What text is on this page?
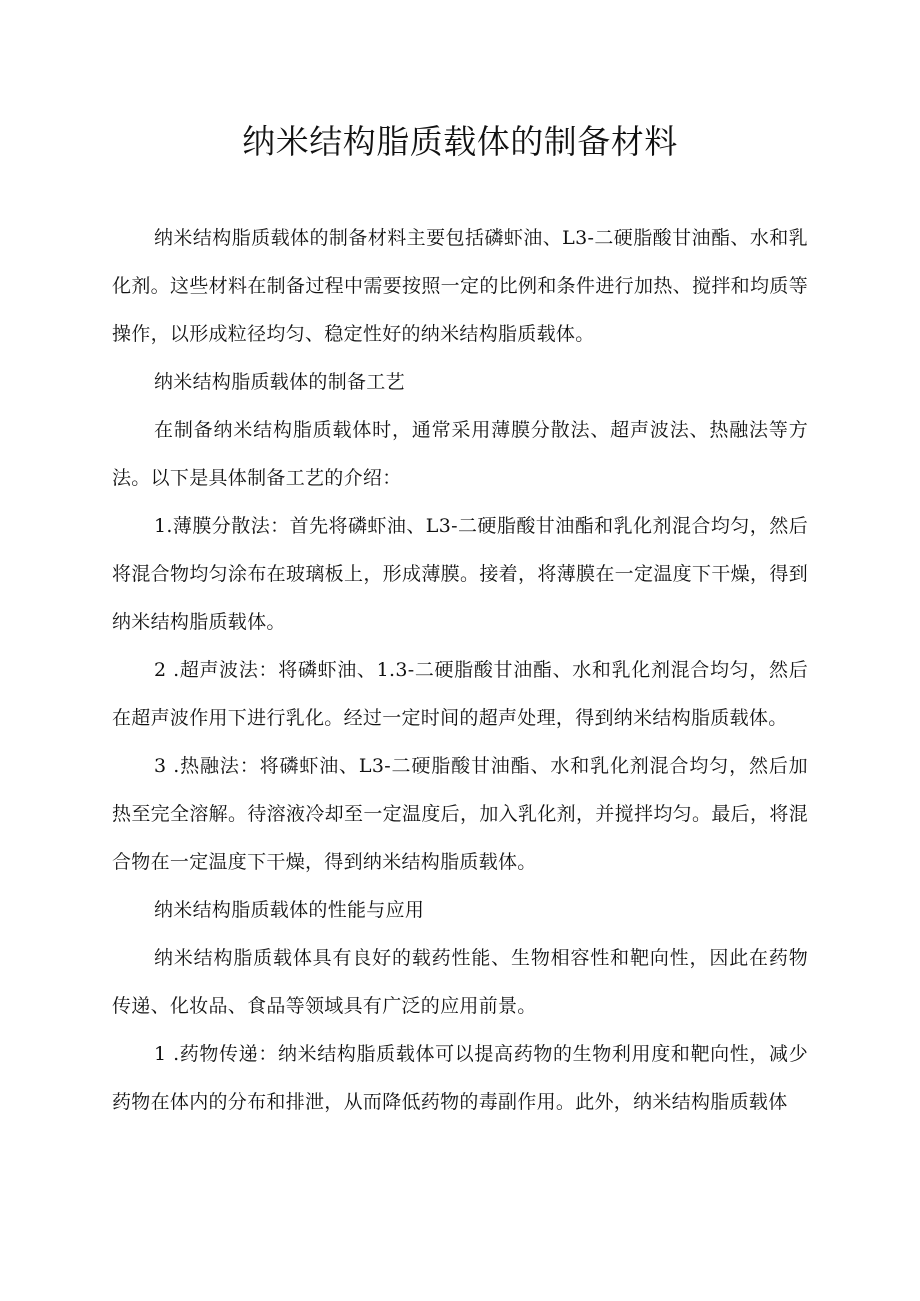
纳米结构脂质载体的制备材料

纳米结构脂质载体的制备材料主要包括磷虾油、L3-二硬脂酸甘油酯、水和乳化剂。这些材料在制备过程中需要按照一定的比例和条件进行加热、搅拌和均质等操作，以形成粒径均匀、稳定性好的纳米结构脂质载体。

纳米结构脂质载体的制备工艺

在制备纳米结构脂质载体时，通常采用薄膜分散法、超声波法、热融法等方法。以下是具体制备工艺的介绍：

1.薄膜分散法：首先将磷虾油、L3-二硬脂酸甘油酯和乳化剂混合均匀，然后将混合物均匀涂布在玻璃板上，形成薄膜。接着，将薄膜在一定温度下干燥，得到纳米结构脂质载体。

2 .超声波法：将磷虾油、1.3-二硬脂酸甘油酯、水和乳化剂混合均匀，然后在超声波作用下进行乳化。经过一定时间的超声处理，得到纳米结构脂质载体。

3 .热融法：将磷虾油、L3-二硬脂酸甘油酯、水和乳化剂混合均匀，然后加热至完全溶解。待溶液冷却至一定温度后，加入乳化剂，并搅拌均匀。最后，将混合物在一定温度下干燥，得到纳米结构脂质载体。

纳米结构脂质载体的性能与应用

纳米结构脂质载体具有良好的载药性能、生物相容性和靶向性，因此在药物传递、化妆品、食品等领域具有广泛的应用前景。

1 .药物传递：纳米结构脂质载体可以提高药物的生物利用度和靶向性，减少药物在体内的分布和排泄，从而降低药物的毒副作用。此外，纳米结构脂质载体
